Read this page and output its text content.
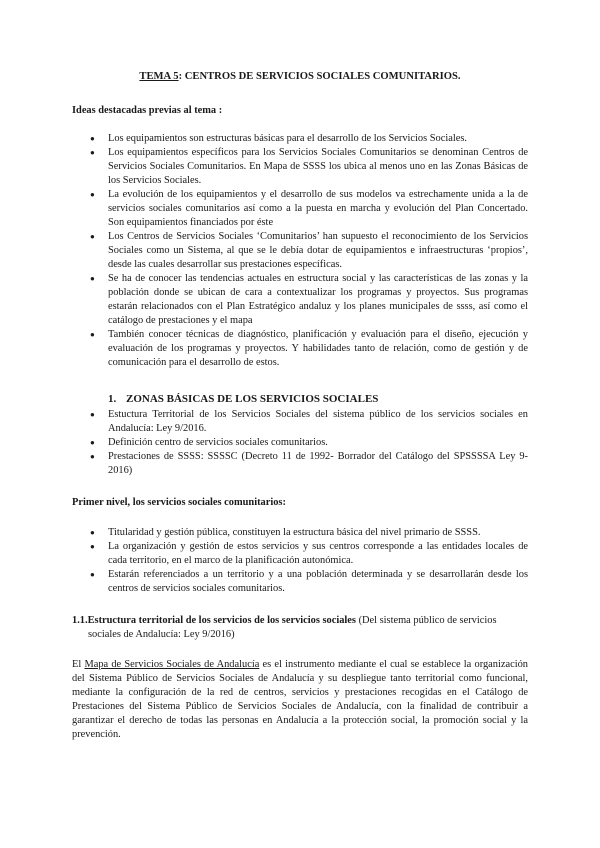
TEMA 5: CENTROS DE SERVICIOS SOCIALES COMUNITARIOS.
Ideas destacadas previas al tema :
● Los equipamientos son estructuras básicas para el desarrollo de los Servicios Sociales.
● Los equipamientos específicos para los Servicios Sociales Comunitarios se denominan Centros de Servicios Sociales Comunitarios. En Mapa de SSSS los ubica al menos uno en las Zonas Básicas de los Servicios Sociales.
● La evolución de los equipamientos y el desarrollo de sus modelos va estrechamente unida a la de servicios sociales comunitarios así como a la puesta en marcha y evolución del Plan Concertado. Son equipamientos financiados por éste
● Los Centros de Servicios Sociales ‘Comunitarios’ han supuesto el reconocimiento de los Servicios Sociales como un Sistema, al que se le debía dotar de equipamientos e infraestructuras ‘propios’, desde las cuales desarrollar sus prestaciones específicas.
● Se ha de conocer las tendencias actuales en estructura social y las características de las zonas y la población donde se ubican de cara a contextualizar los programas y proyectos. Sus programas estarán relacionados con el Plan Estratégico andaluz y los planes municipales de ssss, así como el catálogo de prestaciones y el mapa
● También conocer técnicas de diagnóstico, planificación y evaluación para el diseño, ejecución y evaluación de los programas y proyectos. Y habilidades tanto de relación, como de gestión y de comunicación para el desarrollo de estos.
1. ZONAS BÁSICAS DE LOS SERVICIOS SOCIALES
● Estuctura Territorial de los Servicios Sociales del sistema público de los servicios sociales en Andalucía: Ley 9/2016.
● Definición centro de servicios sociales comunitarios.
● Prestaciones de SSSS: SSSSC (Decreto 11 de 1992- Borrador del Catálogo del SPSSSSA Ley 9-2016)
Primer nivel, los servicios sociales comunitarios:
● Titularidad y gestión pública, constituyen la estructura básica del nivel primario de SSSS.
● La organización y gestión de estos servicios y sus centros corresponde a las entidades locales de cada territorio, en el marco de la planificación autonómica.
● Estarán referenciados a un territorio y a una población determinada y se desarrollarán desde los centros de servicios sociales comunitarios.
1.1.Estructura territorial de los servicios de los servicios sociales (Del sistema público de servicios sociales de Andalucía: Ley 9/2016)
El Mapa de Servicios Sociales de Andalucía es el instrumento mediante el cual se establece la organización del Sistema Público de Servicios Sociales de Andalucía y su despliegue tanto territorial como funcional, mediante la configuración de la red de centros, servicios y prestaciones recogidas en el Catálogo de Prestaciones del Sistema Público de Servicios Sociales de Andalucía, con la finalidad de contribuir a garantizar el derecho de todas las personas en Andalucía a la protección social, la promoción social y la prevención.
